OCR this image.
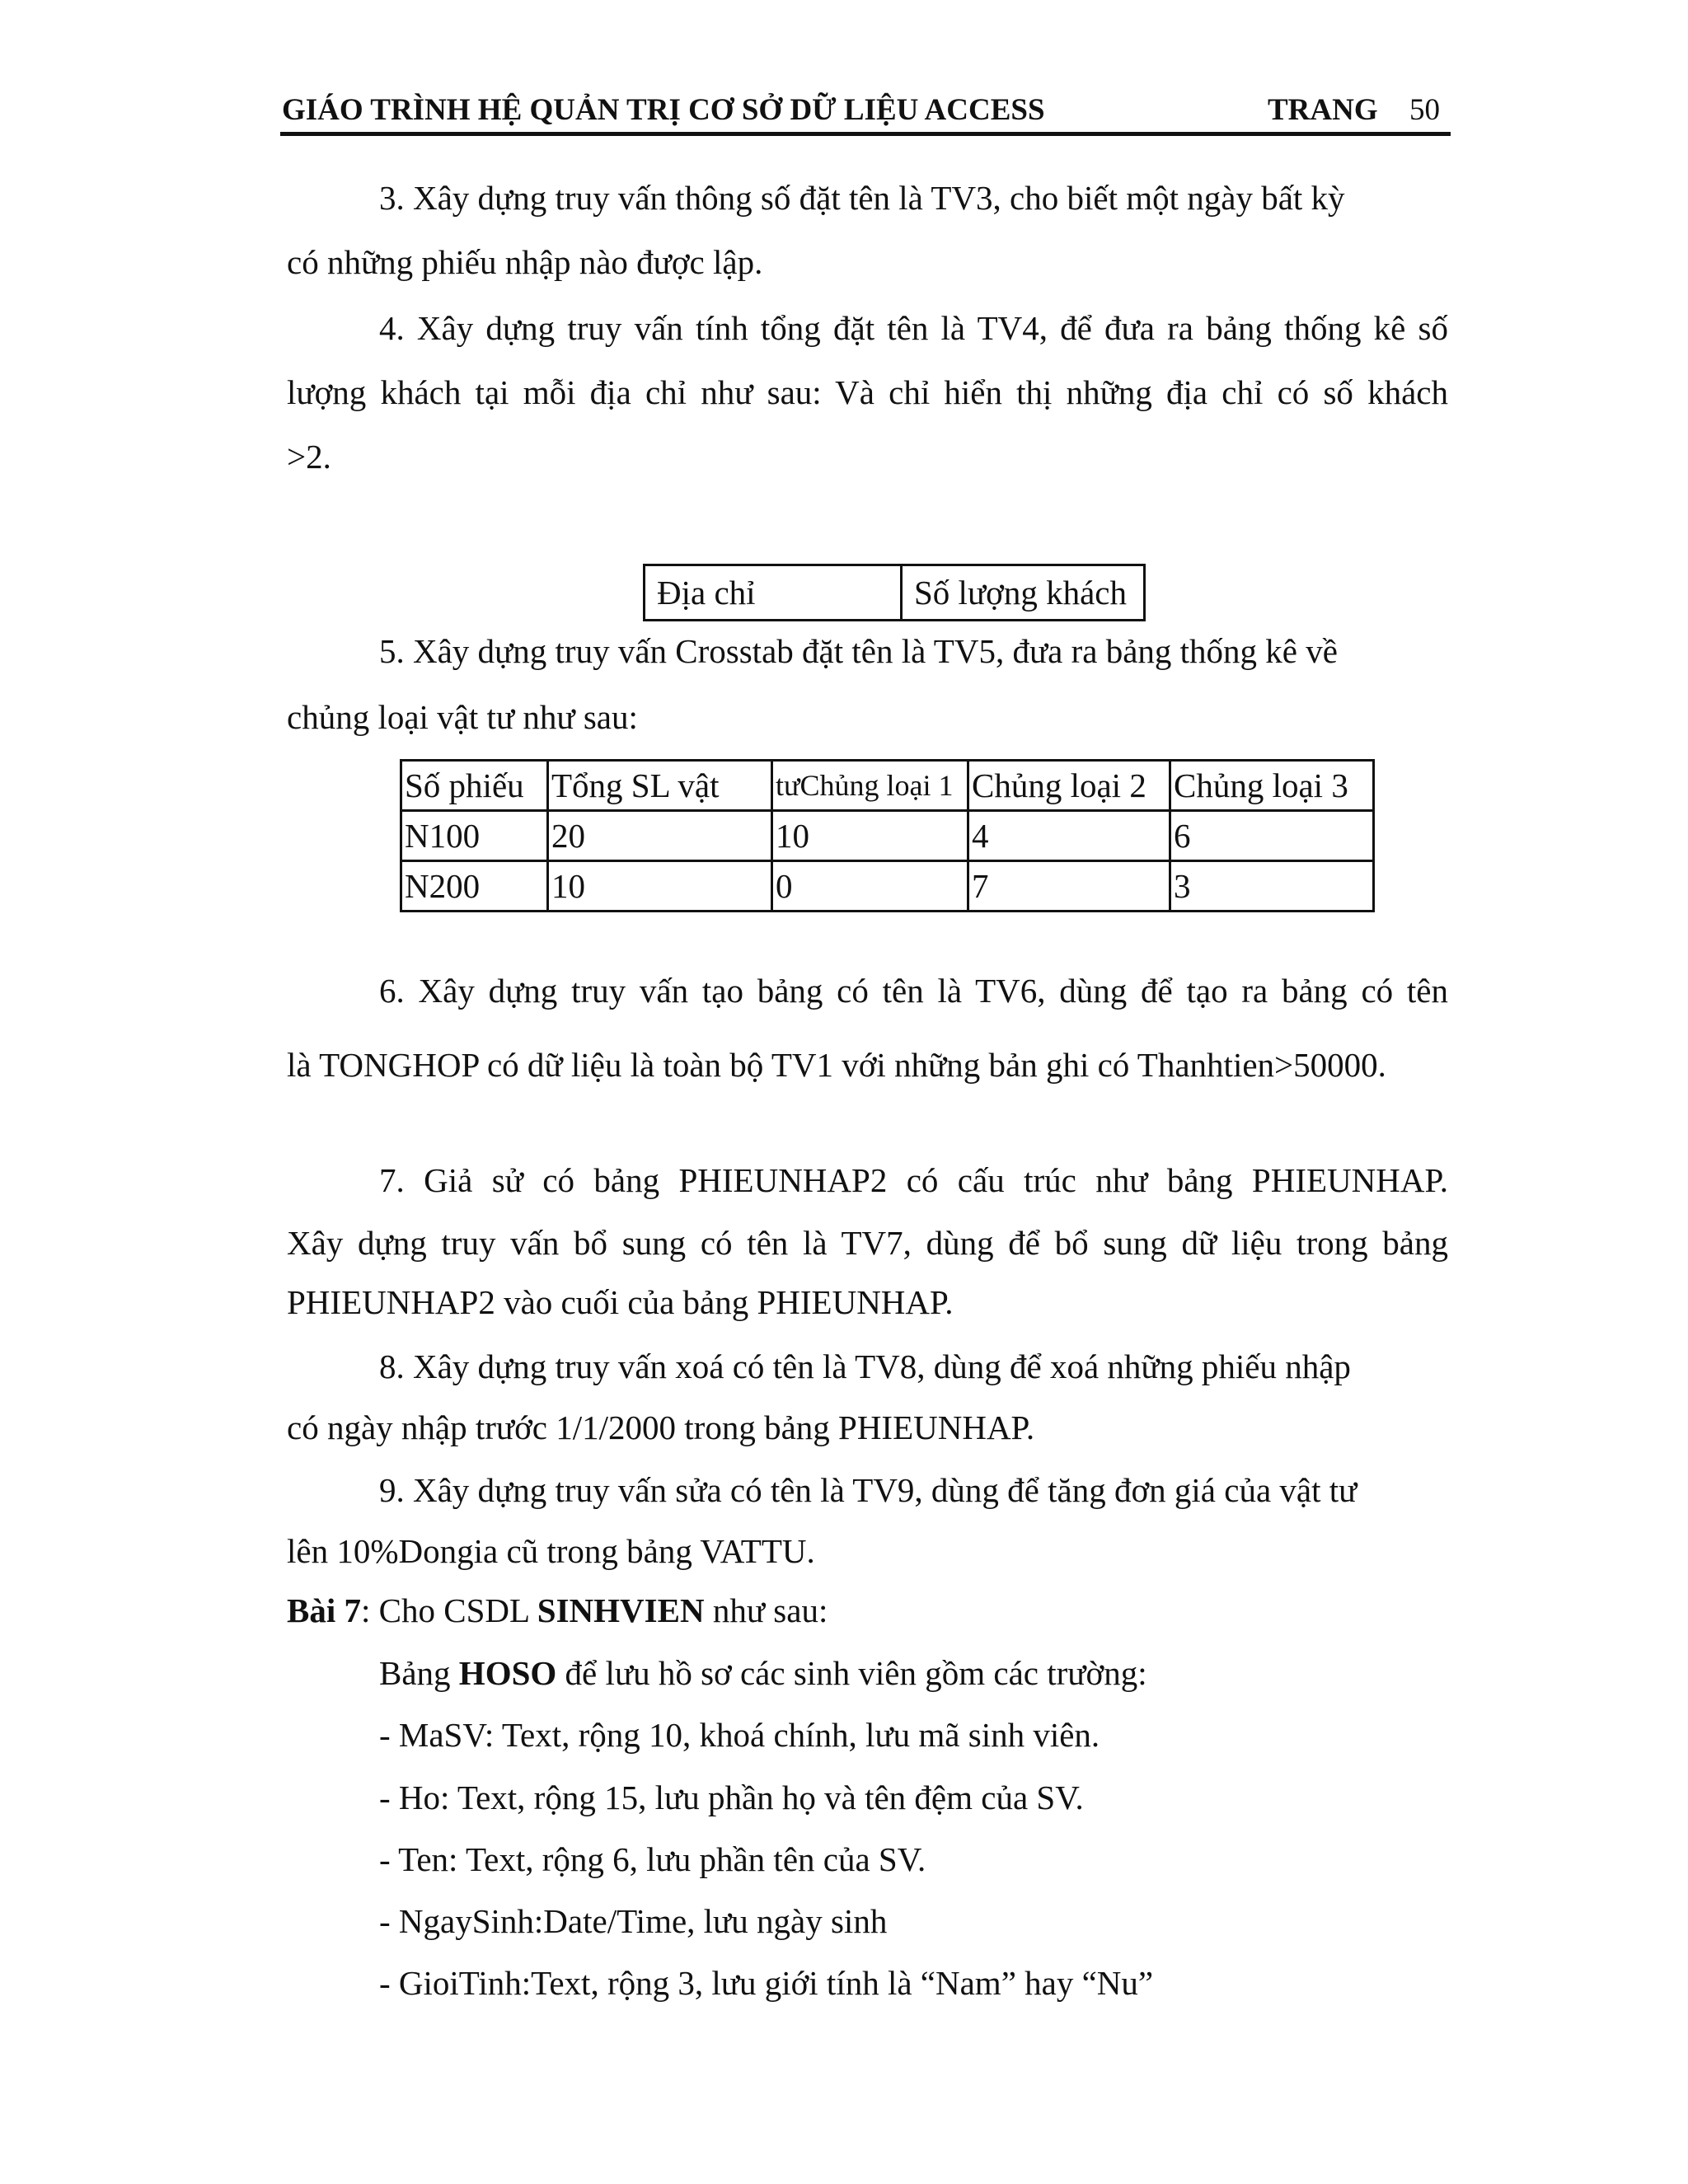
GIÁO TRÌNH HỆ QUẢN TRỊ CƠ SỞ DỮ LIỆU ACCESS	TRANG 50
3. Xây dựng truy vấn thông số đặt tên là TV3, cho biết một ngày bất kỳ
có những phiếu nhập nào được lập.
4. Xây dựng truy vấn tính tổng đặt tên là TV4, để đưa ra bảng thống kê số
lượng khách tại mỗi địa chỉ như sau: Và chỉ hiển thị những địa chỉ có số khách
>2.
Địa chỉ	Số lượng khách
5. Xây dựng truy vấn Crosstab đặt tên là TV5, đưa ra bảng thống kê về
chủng loại vật tư như sau:
Số phiếu	Tổng SL vật	tưChủng loại 1	Chủng loại 2	Chủng loại 3
N100	20	10	4	6
N200	10	0	7	3
6. Xây dựng truy vấn tạo bảng có tên là TV6, dùng để tạo ra bảng có tên
là TONGHOP có dữ liệu là toàn bộ TV1 với những bản ghi có Thanhtien>50000.
7. Giả sử có bảng PHIEUNHAP2 có cấu trúc như bảng PHIEUNHAP.
Xây dựng truy vấn bổ sung có tên là TV7, dùng để bổ sung dữ liệu trong bảng
PHIEUNHAP2 vào cuối của bảng PHIEUNHAP.
8. Xây dựng truy vấn xoá có tên là TV8, dùng để xoá những phiếu nhập
có ngày nhập trước 1/1/2000 trong bảng PHIEUNHAP.
9. Xây dựng truy vấn sửa có tên là TV9, dùng để tăng đơn giá của vật tư
lên 10%Dongia cũ trong bảng VATTU.
Bài 7: Cho CSDL SINHVIEN như sau:
Bảng HOSO để lưu hồ sơ các sinh viên gồm các trường:
- MaSV: Text, rộng 10, khoá chính, lưu mã sinh viên.
- Ho: Text, rộng 15, lưu phần họ và tên đệm của SV.
- Ten: Text, rộng 6, lưu phần tên của SV.
- NgaySinh:Date/Time, lưu ngày sinh
- GioiTinh:Text, rộng 3, lưu giới tính là “Nam” hay “Nu”
